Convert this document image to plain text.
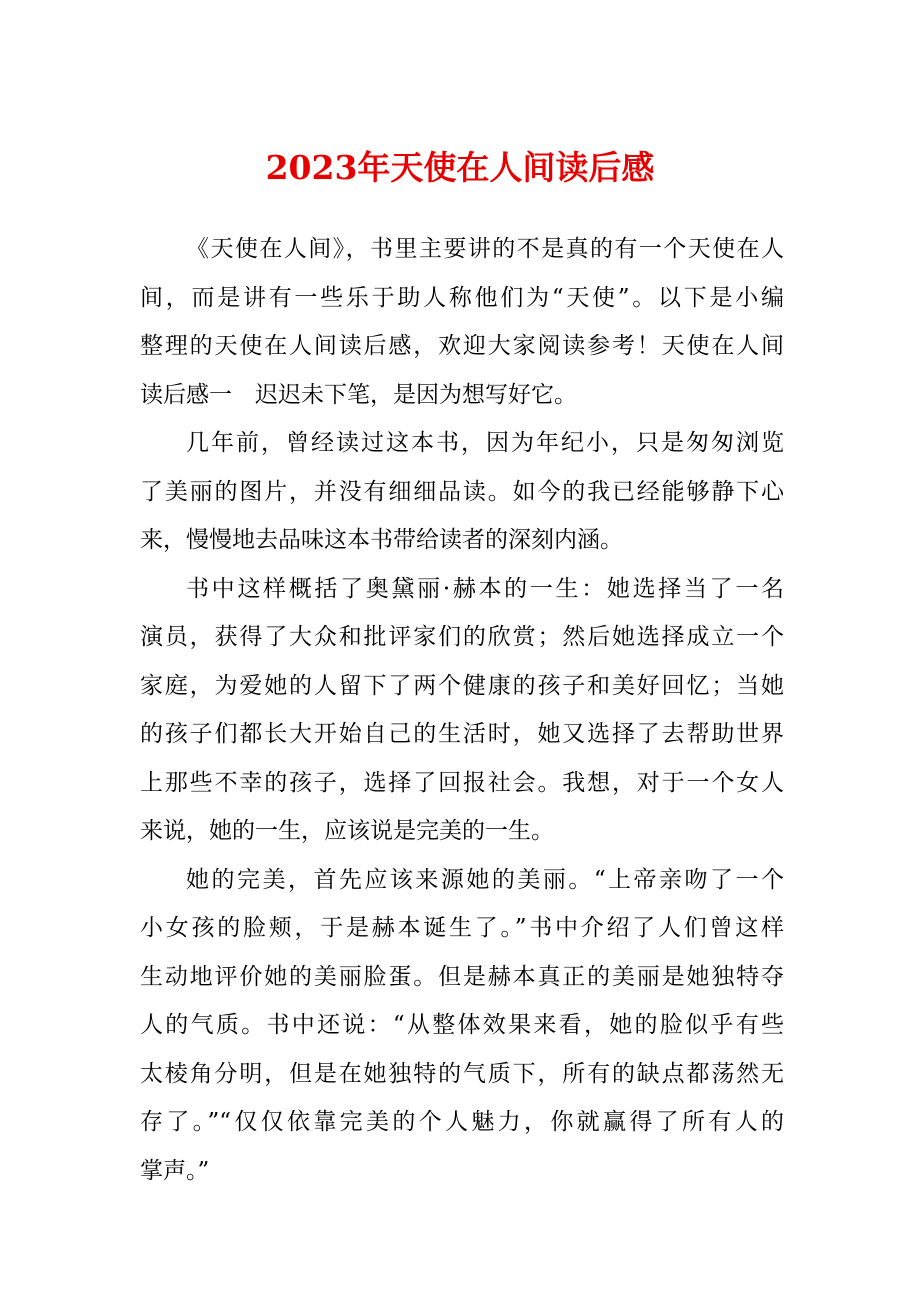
2023年天使在人间读后感
《天使在人间》，书里主要讲的不是真的有一个天使在人
间，而是讲有一些乐于助人称他们为“天使”。以下是小编
整理的天使在人间读后感，欢迎大家阅读参考！天使在人间
读后感一　迟迟未下笔，是因为想写好它。
几年前，曾经读过这本书，因为年纪小，只是匆匆浏览
了美丽的图片，并没有细细品读。如今的我已经能够静下心
来，慢慢地去品味这本书带给读者的深刻内涵。
书中这样概括了奥黛丽·赫本的一生：她选择当了一名
演员，获得了大众和批评家们的欣赏；然后她选择成立一个
家庭，为爱她的人留下了两个健康的孩子和美好回忆；当她
的孩子们都长大开始自己的生活时，她又选择了去帮助世界
上那些不幸的孩子，选择了回报社会。我想，对于一个女人
来说，她的一生，应该说是完美的一生。
她的完美，首先应该来源她的美丽。“上帝亲吻了一个
小女孩的脸颊，于是赫本诞生了。”书中介绍了人们曾这样
生动地评价她的美丽脸蛋。但是赫本真正的美丽是她独特夺
人的气质。书中还说：“从整体效果来看，她的脸似乎有些
太棱角分明，但是在她独特的气质下，所有的缺点都荡然无
存了。”“仅仅依靠完美的个人魅力，你就赢得了所有人的
掌声。”
